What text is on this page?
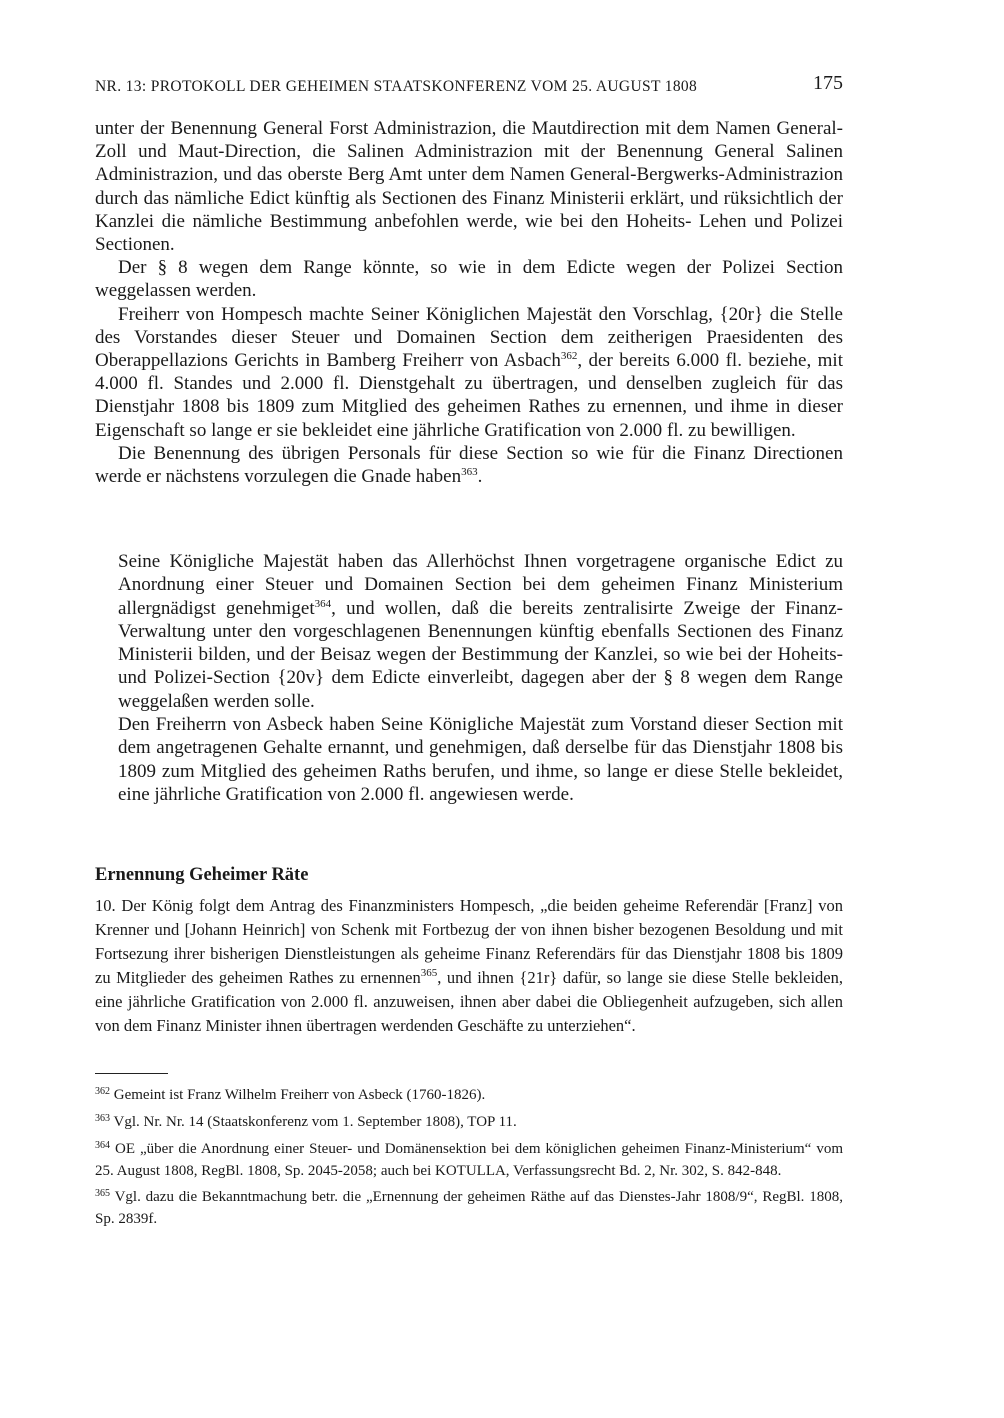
NR. 13: PROTOKOLL DER GEHEIMEN STAATSKONFERENZ VOM 25. AUGUST 1808	175

unter der Benennung General Forst Administrazion, die Mautdirection mit dem Namen General-Zoll und Maut-Direction, die Salinen Administrazion mit der Benennung General Salinen Administrazion, und das oberste Berg Amt unter dem Namen General-Bergwerks-Administrazion durch das nämliche Edict künftig als Sectionen des Finanz Ministerii erklärt, und rüksichtlich der Kanzlei die nämliche Bestimmung anbefohlen werde, wie bei den Hoheits- Lehen und Polizei Sectionen.

Der § 8 wegen dem Range könnte, so wie in dem Edicte wegen der Polizei Section weggelassen werden.

Freiherr von Hompesch machte Seiner Königlichen Majestät den Vorschlag, {20r} die Stelle des Vorstandes dieser Steuer und Domainen Section dem zeitherigen Praesidenten des Oberappellazions Gerichts in Bamberg Freiherr von Asbach$^{362}$, der bereits 6.000 fl. beziehe, mit 4.000 fl. Standes und 2.000 fl. Dienstgehalt zu übertragen, und denselben zugleich für das Dienstjahr 1808 bis 1809 zum Mitglied des geheimen Rathes zu ernennen, und ihme in dieser Eigenschaft so lange er sie bekleidet eine jährliche Gratification von 2.000 fl. zu bewilligen.

Die Benennung des übrigen Personals für diese Section so wie für die Finanz Directionen werde er nächstens vorzulegen die Gnade haben$^{363}$.

Seine Königliche Majestät haben das Allerhöchst Ihnen vorgetragene organische Edict zu Anordnung einer Steuer und Domainen Section bei dem geheimen Finanz Ministerium allergnädigst genehmiget$^{364}$, und wollen, daß die bereits zentralisirte Zweige der Finanz-Verwaltung unter den vorgeschlagenen Benennungen künftig ebenfalls Sectionen des Finanz Ministerii bilden, und der Beisaz wegen der Bestimmung der Kanzlei, so wie bei der Hoheits- und Polizei-Section {20v} dem Edicte einverleibt, dagegen aber der § 8 wegen dem Range weggelaßen werden solle.

Den Freiherrn von Asbeck haben Seine Königliche Majestät zum Vorstand dieser Section mit dem angetragenen Gehalte ernannt, und genehmigen, daß derselbe für das Dienstjahr 1808 bis 1809 zum Mitglied des geheimen Raths berufen, und ihme, so lange er diese Stelle bekleidet, eine jährliche Gratification von 2.000 fl. angewiesen werde.

Ernennung Geheimer Räte

10. Der König folgt dem Antrag des Finanzministers Hompesch, „die beiden geheime Referendär [Franz] von Krenner und [Johann Heinrich] von Schenk mit Fortbezug der von ihnen bisher bezogenen Besoldung und mit Fortsezung ihrer bisherigen Dienstleistungen als geheime Finanz Referendärs für das Dienstjahr 1808 bis 1809 zu Mitglieder des geheimen Rathes zu ernennen$^{365}$, und ihnen {21r} dafür, so lange sie diese Stelle bekleiden, eine jährliche Gratification von 2.000 fl. anzuweisen, ihnen aber dabei die Obliegenheit aufzugeben, sich allen von dem Finanz Minister ihnen übertragen werdenden Geschäfte zu unterziehen“.

$^{362}$ Gemeint ist Franz Wilhelm Freiherr von Asbeck (1760-1826).
$^{363}$ Vgl. Nr. Nr. 14 (Staatskonferenz vom 1. September 1808), TOP 11.
$^{364}$ OE „über die Anordnung einer Steuer- und Domänensektion bei dem königlichen geheimen Finanz-Ministerium“ vom 25. August 1808, RegBl. 1808, Sp. 2045-2058; auch bei KOTULLA, Verfassungsrecht Bd. 2, Nr. 302, S. 842-848.
$^{365}$ Vgl. dazu die Bekanntmachung betr. die „Ernennung der geheimen Räthe auf das Dienstes-Jahr 1808/9“, RegBl. 1808, Sp. 2839f.
